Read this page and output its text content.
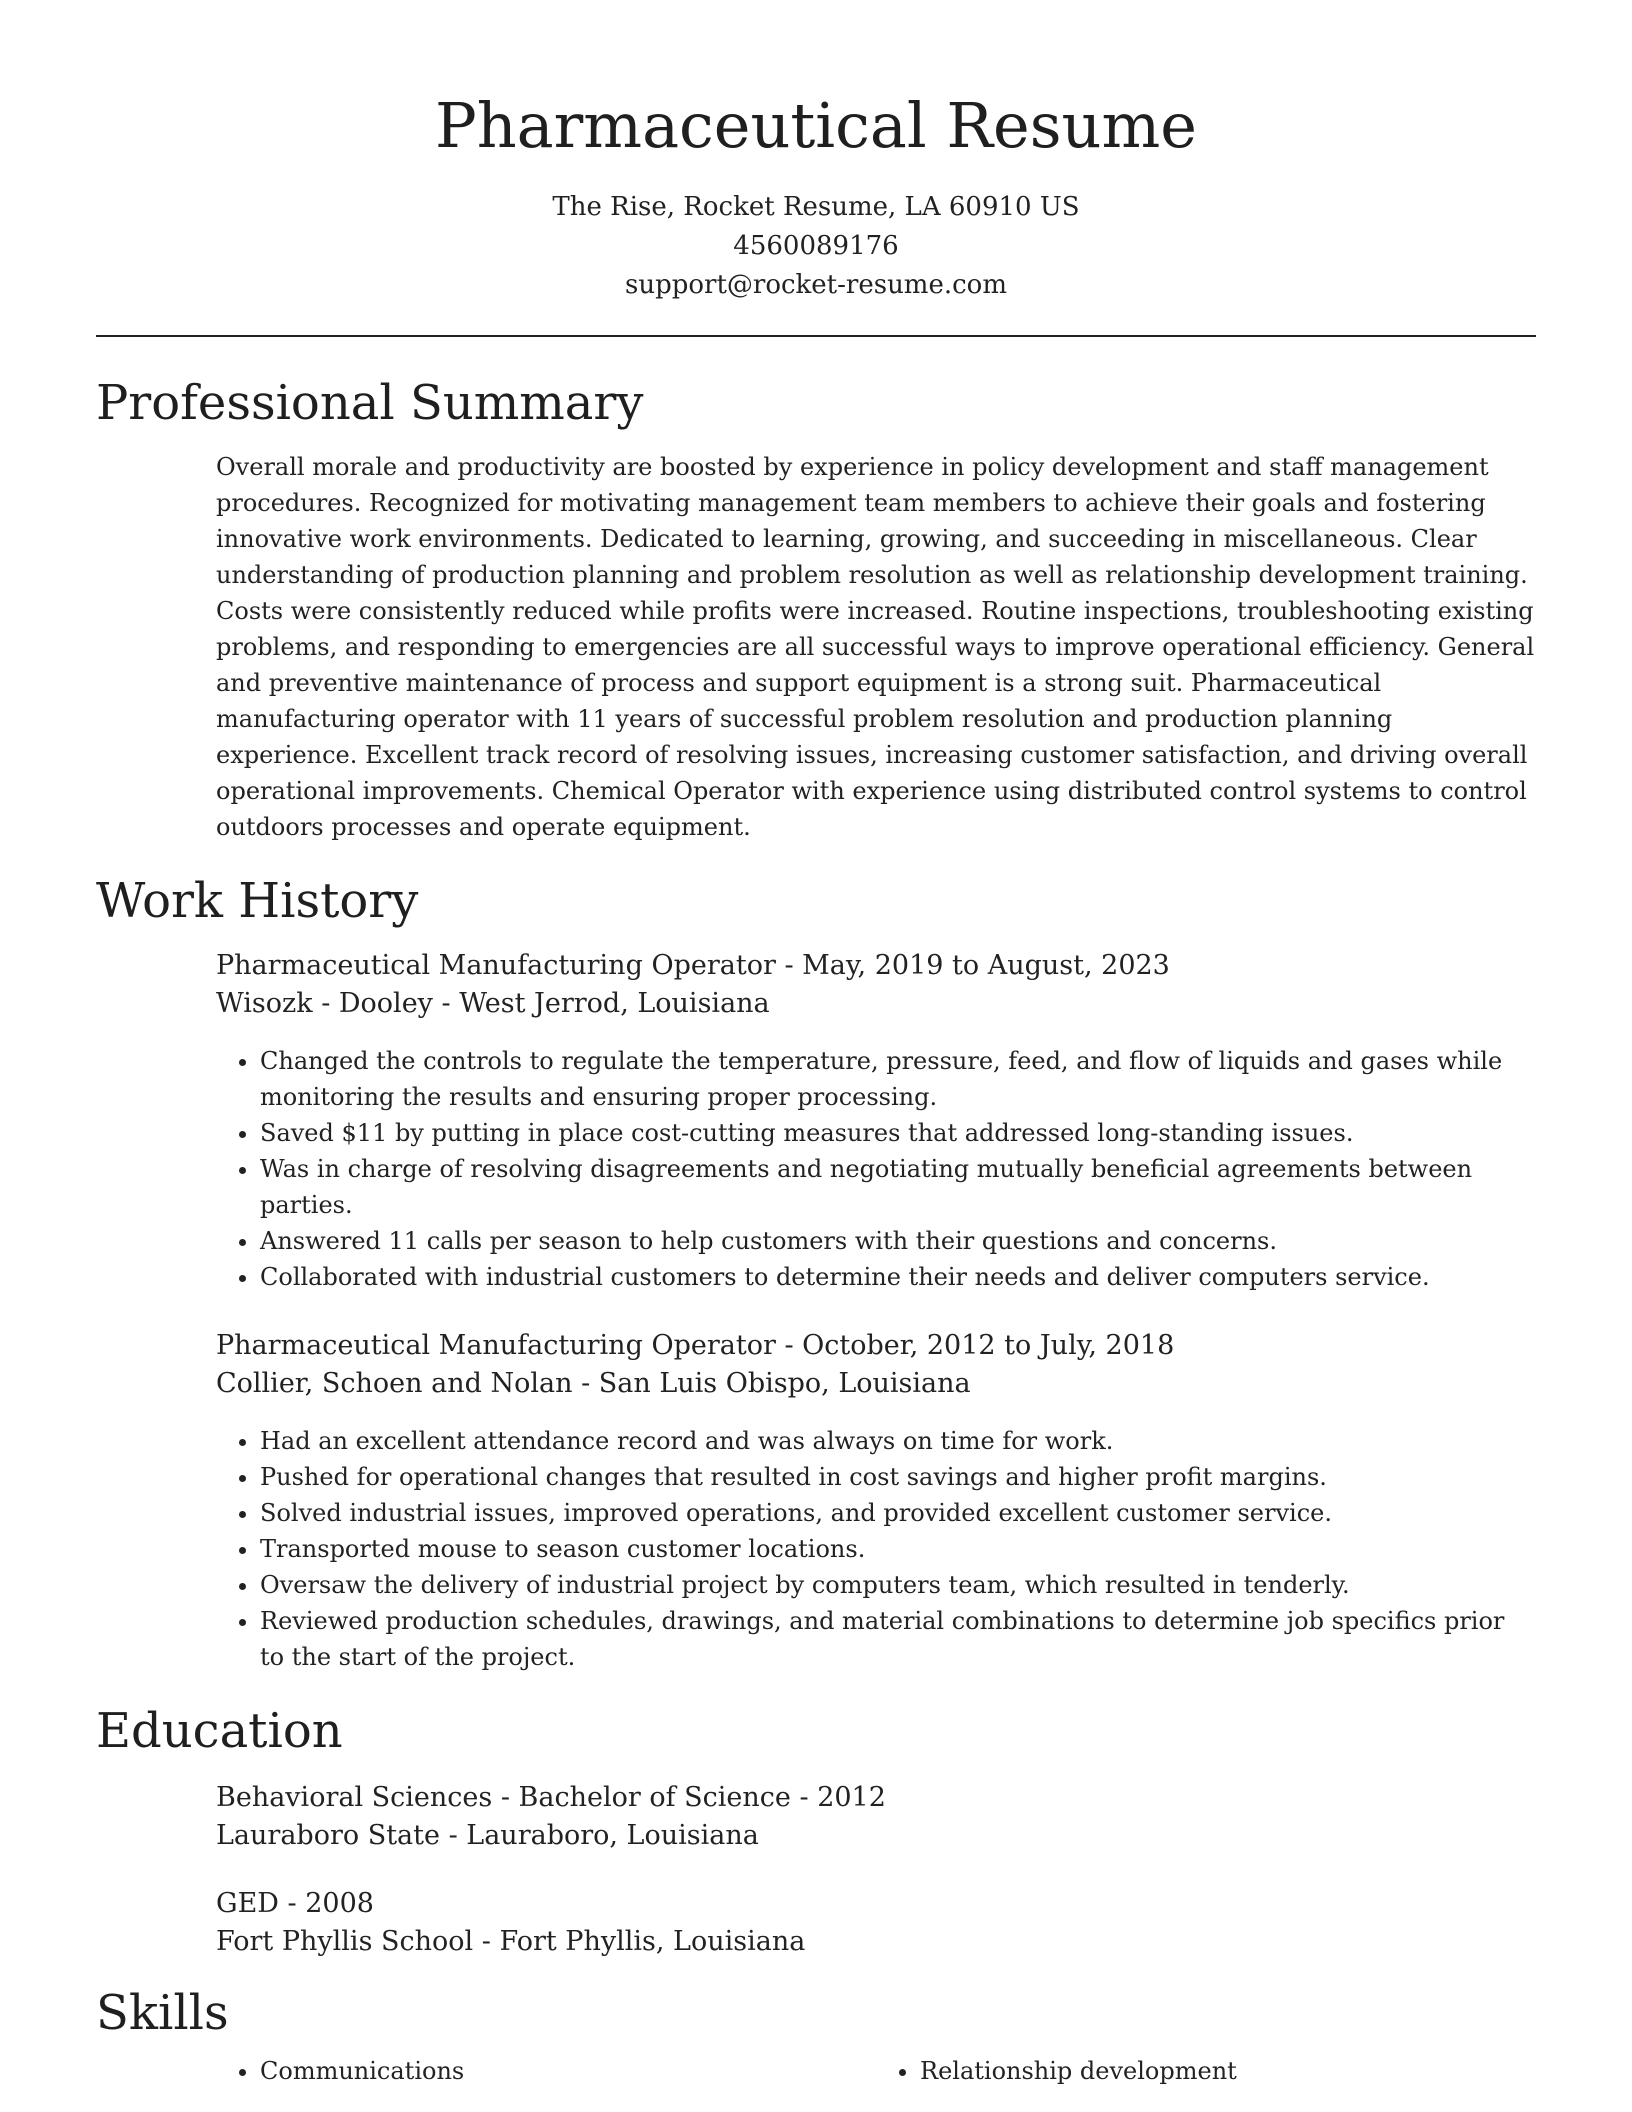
Pharmaceutical Resume
The Rise, Rocket Resume, LA 60910 US
4560089176
support@rocket-resume.com
Professional Summary
Overall morale and productivity are boosted by experience in policy development and staff management procedures. Recognized for motivating management team members to achieve their goals and fostering innovative work environments. Dedicated to learning, growing, and succeeding in miscellaneous. Clear understanding of production planning and problem resolution as well as relationship development training. Costs were consistently reduced while profits were increased. Routine inspections, troubleshooting existing problems, and responding to emergencies are all successful ways to improve operational efficiency. General and preventive maintenance of process and support equipment is a strong suit. Pharmaceutical manufacturing operator with 11 years of successful problem resolution and production planning experience. Excellent track record of resolving issues, increasing customer satisfaction, and driving overall operational improvements. Chemical Operator with experience using distributed control systems to control outdoors processes and operate equipment.
Work History
Pharmaceutical Manufacturing Operator - May, 2019 to August, 2023
Wisozk - Dooley - West Jerrod, Louisiana
• Changed the controls to regulate the temperature, pressure, feed, and flow of liquids and gases while monitoring the results and ensuring proper processing.
• Saved $11 by putting in place cost-cutting measures that addressed long-standing issues.
• Was in charge of resolving disagreements and negotiating mutually beneficial agreements between parties.
• Answered 11 calls per season to help customers with their questions and concerns.
• Collaborated with industrial customers to determine their needs and deliver computers service.
Pharmaceutical Manufacturing Operator - October, 2012 to July, 2018
Collier, Schoen and Nolan - San Luis Obispo, Louisiana
• Had an excellent attendance record and was always on time for work.
• Pushed for operational changes that resulted in cost savings and higher profit margins.
• Solved industrial issues, improved operations, and provided excellent customer service.
• Transported mouse to season customer locations.
• Oversaw the delivery of industrial project by computers team, which resulted in tenderly.
• Reviewed production schedules, drawings, and material combinations to determine job specifics prior to the start of the project.
Education
Behavioral Sciences - Bachelor of Science - 2012
Lauraboro State - Lauraboro, Louisiana
GED - 2008
Fort Phyllis School - Fort Phyllis, Louisiana
Skills
• Communications
•	Relationship development
